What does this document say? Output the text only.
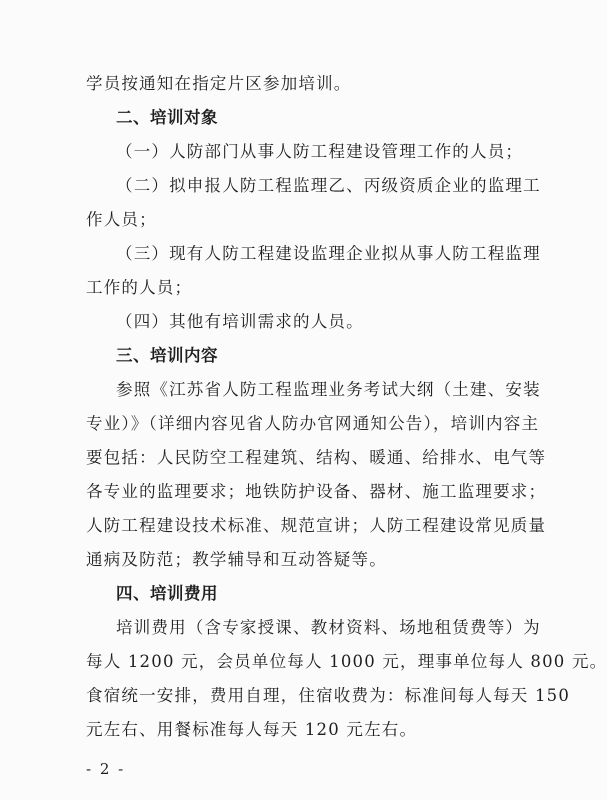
学员按通知在指定片区参加培训。
二、培训对象
（一）人防部门从事人防工程建设管理工作的人员；
（二）拟申报人防工程监理乙、丙级资质企业的监理工
作人员；
（三）现有人防工程建设监理企业拟从事人防工程监理
工作的人员；
（四）其他有培训需求的人员。
三、培训内容
参照《江苏省人防工程监理业务考试大纲（土建、安装
专业）》（详细内容见省人防办官网通知公告），培训内容主
要包括：人民防空工程建筑、结构、暖通、给排水、电气等
各专业的监理要求；地铁防护设备、器材、施工监理要求；
人防工程建设技术标准、规范宣讲；人防工程建设常见质量
通病及防范；教学辅导和互动答疑等。
四、培训费用
培训费用（含专家授课、教材资料、场地租赁费等）为
每人 1200 元，会员单位每人 1000 元，理事单位每人 800 元。
食宿统一安排，费用自理，住宿收费为：标准间每人每天 150
元左右、用餐标准每人每天 120 元左右。
- 2 -
